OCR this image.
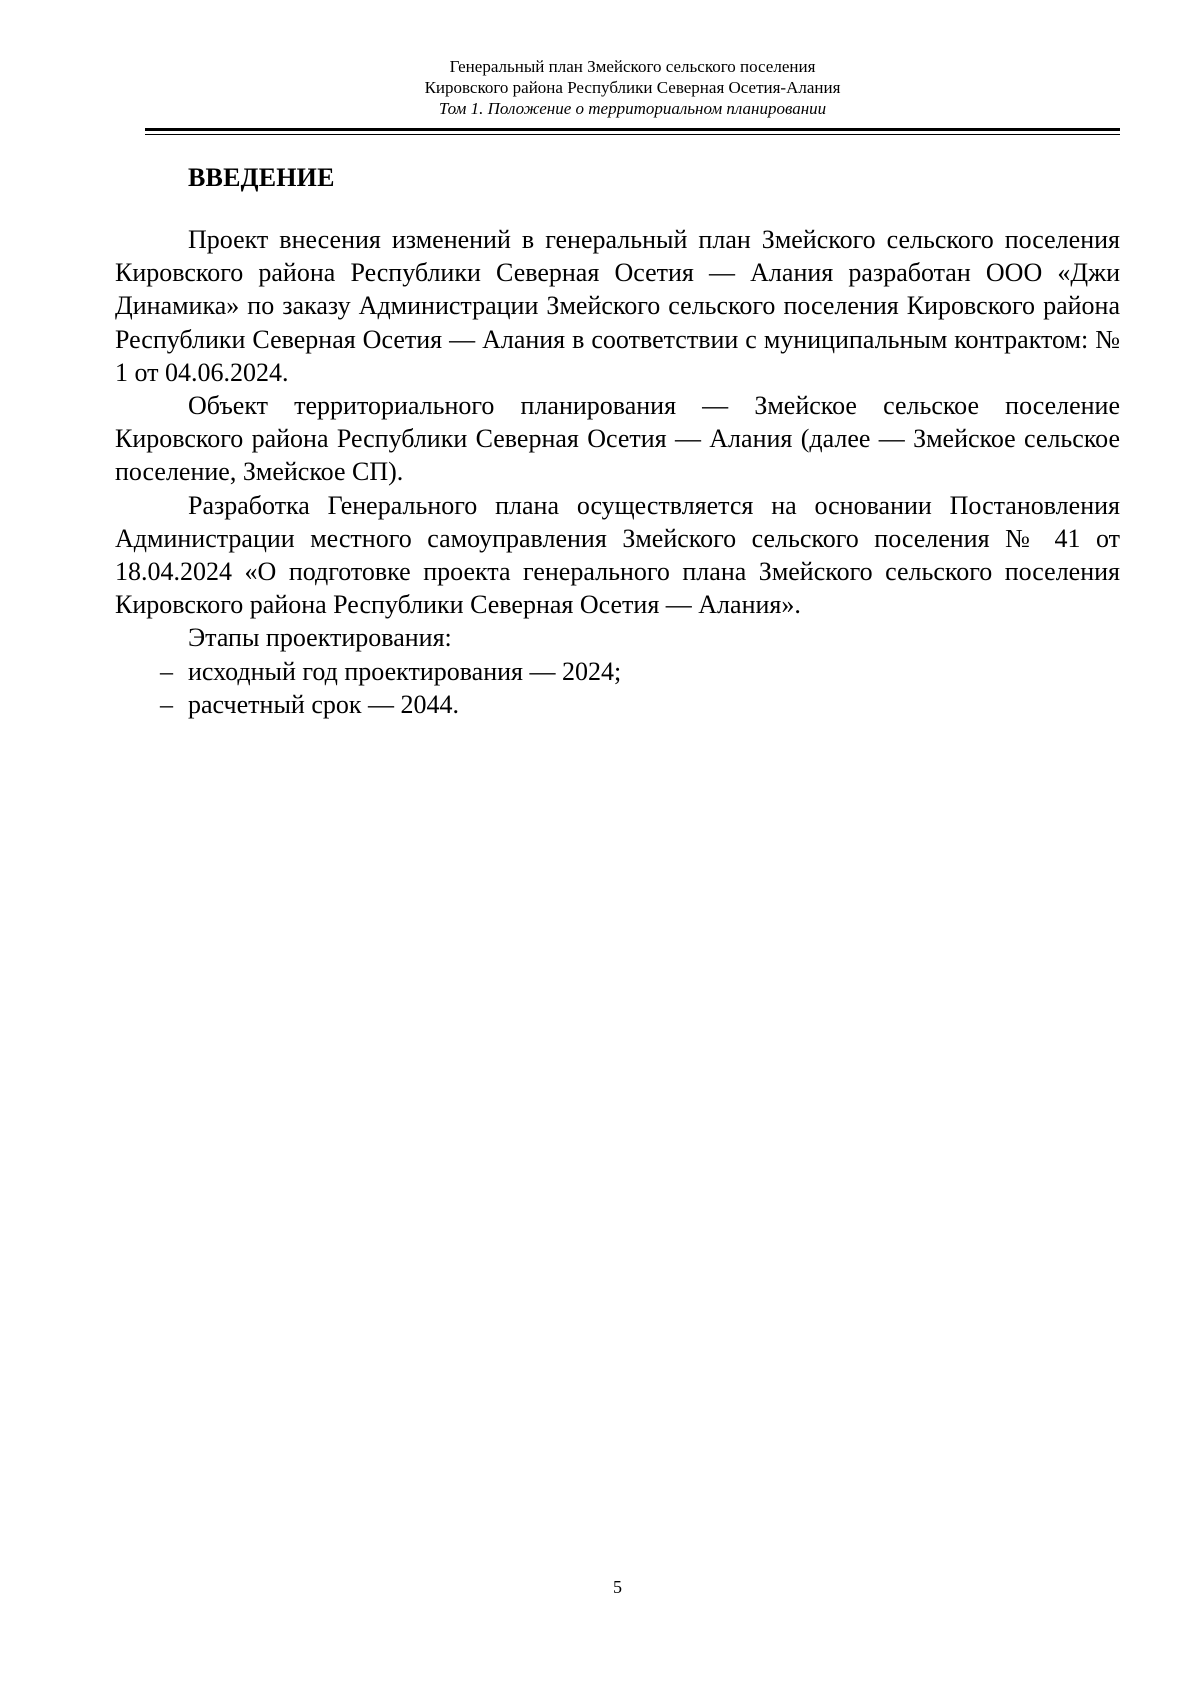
Генеральный план Змейского сельского поселения
Кировского района Республики Северная Осетия-Алания
Том 1. Положение о территориальном планировании
ВВЕДЕНИЕ

Проект внесения изменений в генеральный план Змейского сельского поселения Кировского района Республики Северная Осетия — Алания разработан ООО «Джи Динамика» по заказу Администрации Змейского сельского поселения Кировского района Республики Северная Осетия — Алания в соответствии с муниципальным контрактом: № 1 от 04.06.2024.

Объект территориального планирования — Змейское сельское поселение Кировского района Республики Северная Осетия — Алания (далее — Змейское сельское поселение, Змейское СП).

Разработка Генерального плана осуществляется на основании Постановления Администрации местного самоуправления Змейского сельского поселения № 41 от 18.04.2024 «О подготовке проекта генерального плана Змейского сельского поселения Кировского района Республики Северная Осетия — Алания».

Этапы проектирования:

– исходный год проектирования — 2024;
– расчетный срок — 2044.
5
